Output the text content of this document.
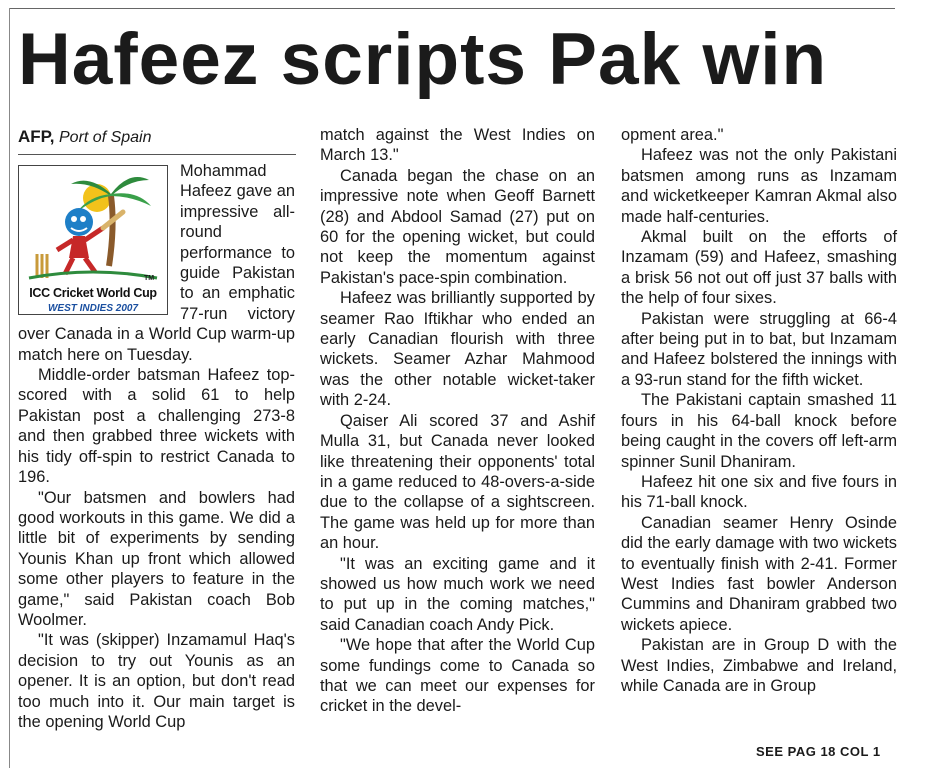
Hafeez scripts Pak win
AFP, Port of Spain
TM
ICC Cricket World Cup
WEST INDIES 2007

Mohammad Hafeez gave an impressive all-round performance to guide Pakistan to an emphatic 77-run victory over Canada in a World Cup warm-up match here on Tuesday.

Middle-order batsman Hafeez top-scored with a solid 61 to help Pakistan post a challenging 273-8 and then grabbed three wickets with his tidy off-spin to restrict Canada to 196.

"Our batsmen and bowlers had good workouts in this game. We did a little bit of experiments by sending Younis Khan up front which allowed some other players to feature in the game," said Pakistan coach Bob Woolmer.

"It was (skipper) Inzamamul Haq's decision to try out Younis as an opener. It is an option, but don't read too much into it. Our main target is the opening World Cup

match against the West Indies on March 13."

Canada began the chase on an impressive note when Geoff Barnett (28) and Abdool Samad (27) put on 60 for the opening wicket, but could not keep the momentum against Pakistan's pace-spin combination.

Hafeez was brilliantly supported by seamer Rao Iftikhar who ended an early Canadian flourish with three wickets. Seamer Azhar Mahmood was the other notable wicket-taker with 2-24.

Qaiser Ali scored 37 and Ashif Mulla 31, but Canada never looked like threatening their opponents' total in a game reduced to 48-overs-a-side due to the collapse of a sightscreen. The game was held up for more than an hour.

"It was an exciting game and it showed us how much work we need to put up in the coming matches," said Canadian coach Andy Pick.

"We hope that after the World Cup some fundings come to Canada so that we can meet our expenses for cricket in the devel-

opment area."

Hafeez was not the only Pakistani batsmen among runs as Inzamam and wicketkeeper Kamran Akmal also made half-centuries.

Akmal built on the efforts of Inzamam (59) and Hafeez, smashing a brisk 56 not out off just 37 balls with the help of four sixes.

Pakistan were struggling at 66-4 after being put in to bat, but Inzamam and Hafeez bolstered the innings with a 93-run stand for the fifth wicket.

The Pakistani captain smashed 11 fours in his 64-ball knock before being caught in the covers off left-arm spinner Sunil Dhaniram.

Hafeez hit one six and five fours in his 71-ball knock.

Canadian seamer Henry Osinde did the early damage with two wickets to eventually finish with 2-41. Former West Indies fast bowler Anderson Cummins and Dhaniram grabbed two wickets apiece.

Pakistan are in Group D with the West Indies, Zimbabwe and Ireland, while Canada are in Group

SEE PAG 18 COL 1
